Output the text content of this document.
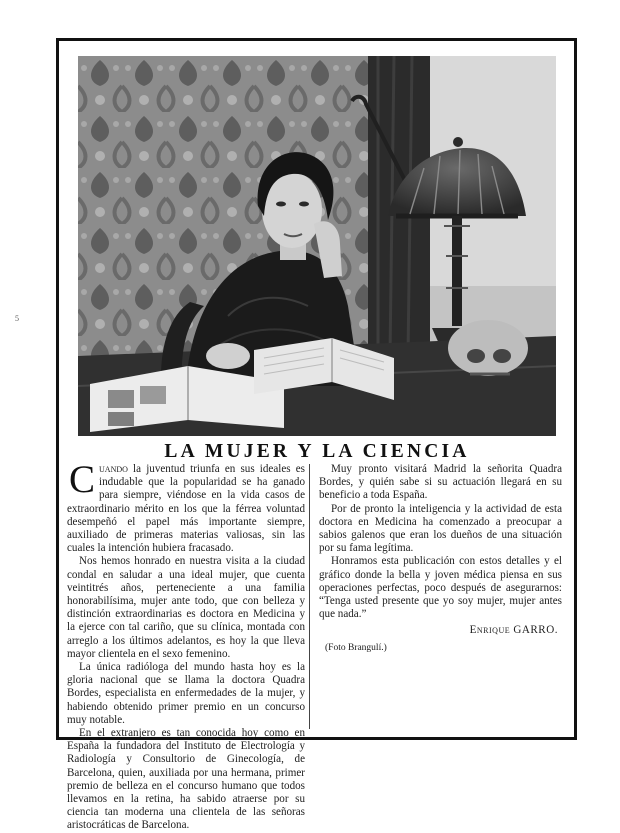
5
LA MUJER Y LA CIENCIA

Cuando la juventud triunfa en sus ideales es indudable que la popularidad se ha ganado para siempre, viéndose en la vida casos de extraordinario mérito en los que la férrea voluntad desempeñó el papel más importante siempre, auxiliado de primeras materias valiosas, sin las cuales la intención hubiera fracasado.

Nos hemos honrado en nuestra visita a la ciudad condal en saludar a una ideal mujer, que cuenta veintitrés años, perteneciente a una familia honorabilísima, mujer ante todo, que con belleza y distinción extraordinarias es doctora en Medicina y la ejerce con tal cariño, que su clínica, montada con arreglo a los últimos adelantos, es hoy la que lleva mayor clientela en el sexo femenino.

La única radióloga del mundo hasta hoy es la gloria nacional que se llama la doctora Quadra Bordes, especialista en enfermedades de la mujer, y habiendo obtenido primer premio en un concurso muy notable.

En el extranjero es tan conocida hoy como en España la fundadora del Instituto de Electrología y Radiología y Consultorio de Ginecología, de Barcelona, quien, auxiliada por una hermana, primer premio de belleza en el concurso humano que todos llevamos en la retina, ha sabido atraerse por su ciencia tan moderna una clientela de las señoras aristocráticas de Barcelona.

Muy pronto visitará Madrid la señorita Quadra Bordes, y quién sabe si su actuación llegará en su beneficio a toda España.

Por de pronto la inteligencia y la actividad de esta doctora en Medicina ha comenzado a preocupar a sabios galenos que eran los dueños de una situación por su fama legítima.

Honramos esta publicación con estos detalles y el gráfico donde la bella y joven médica piensa en sus operaciones perfectas, poco después de asegurarnos: “Tenga usted presente que yo soy mujer, mujer antes que nada.”

Enrique GARRO.
(Foto Brangulí.)
